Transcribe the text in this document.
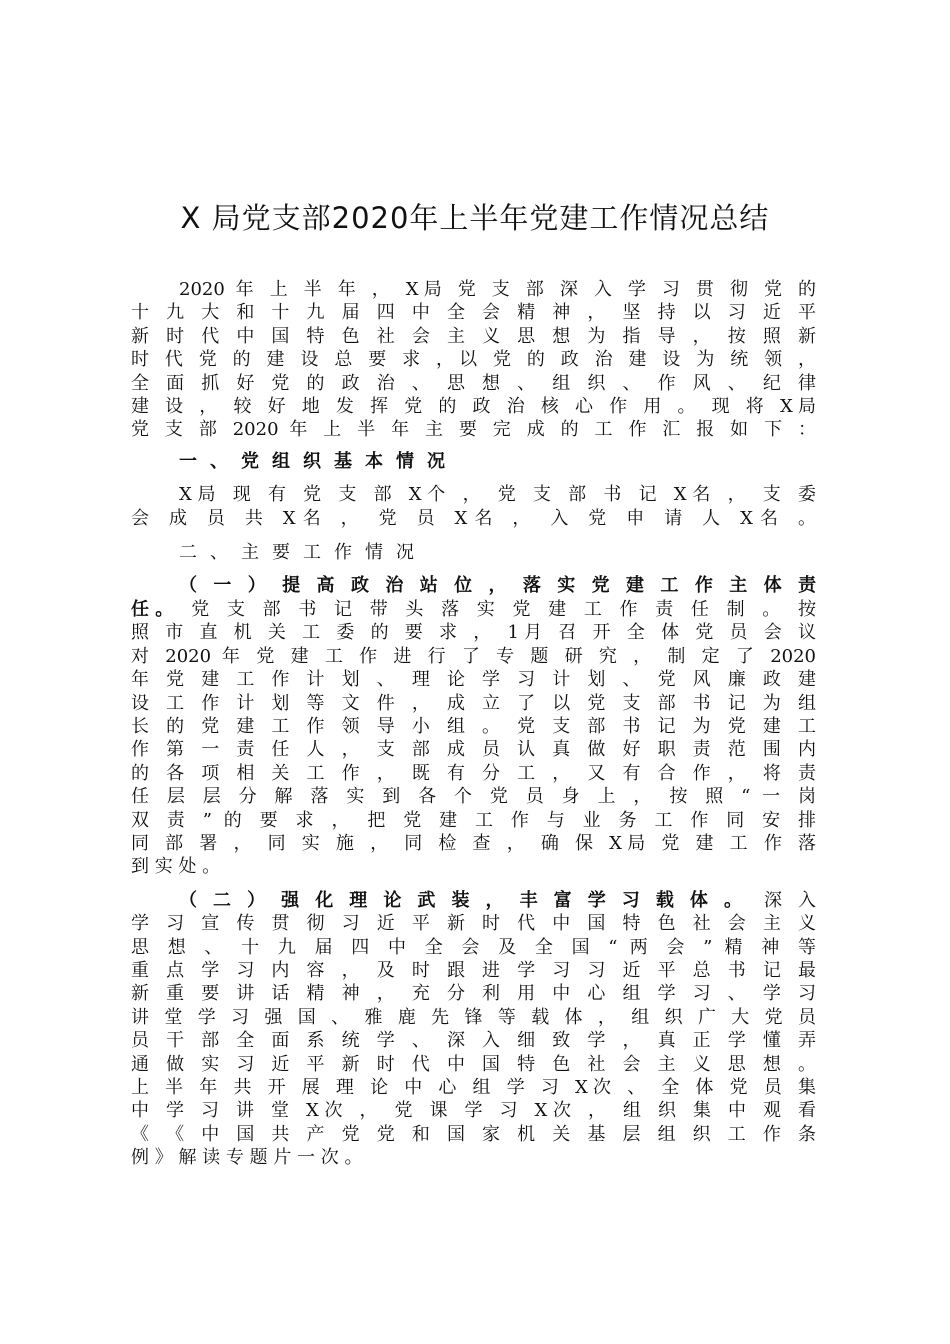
X 局党支部2020年上半年党建工作情况总结
2020 年 上 半 年 ， X局 党 支 部 深 入 学 习 贯 彻 党 的
十 九 大 和 十 九 届 四 中 全 会 精 神 ， 坚 持 以 习 近 平
新 时 代 中 国 特 色 社 会 主 义 思 想 为 指 导 ， 按 照 新
时 代 党 的 建 设 总 要 求 ，以 党 的 政 治 建 设 为 统 领 ，
全 面 抓 好 党 的 政 治 、 思 想 、 组 织 、 作 风 、 纪 律
建 设 ， 较 好 地 发 挥 党 的 政 治 核 心 作 用 。 现 将 X局
党 支 部 2020 年 上 半 年 主 要 完 成 的 工 作 汇 报 如 下 ：
一、党组织基本情况
X局 现 有 党 支 部 X个 ， 党 支 部 书 记 X名 ， 支 委
会 成 员 共 X名 ， 党 员 X名 ， 入 党 申 请 人 X名 。
二、主要工作情况
（ 一 ） 提 高 政 治 站 位 ， 落 实 党 建 工 作 主 体 责
任 。 党 支 部 书 记 带 头 落 实 党 建 工 作 责 任 制 。 按
照 市 直 机 关 工 委 的 要 求 ， 1月 召 开 全 体 党 员 会 议
对 2020 年 党 建 工 作 进 行 了 专 题 研 究 ， 制 定 了 2020
年 党 建 工 作 计 划 、 理 论 学 习 计 划 、 党 风 廉 政 建
设 工 作 计 划 等 文 件 ， 成 立 了 以 党 支 部 书 记 为 组
长 的 党 建 工 作 领 导 小 组 。 党 支 部 书 记 为 党 建 工
作 第 一 责 任 人 ， 支 部 成 员 认 真 做 好 职 责 范 围 内
的 各 项 相 关 工 作 ， 既 有 分 工 ， 又 有 合 作 ， 将 责
任 层 层 分 解 落 实 到 各 个 党 员 身 上 ， 按 照 “ 一 岗
双 责 ” 的 要 求 ， 把 党 建 工 作 与 业 务 工 作 同 安 排
同 部 署 ， 同 实 施 ， 同 检 查 ， 确 保 X局 党 建 工 作 落
到 实 处 。
（ 二 ） 强 化 理 论 武 装 ， 丰 富 学 习 载 体 。 深 入
学 习 宣 传 贯 彻 习 近 平 新 时 代 中 国 特 色 社 会 主 义
思 想 、 十 九 届 四 中 全 会 及 全 国 “ 两 会 ” 精 神 等
重 点 学 习 内 容 ， 及 时 跟 进 学 习 习 近 平 总 书 记 最
新 重 要 讲 话 精 神 ， 充 分 利 用 中 心 组 学 习 、 学 习
讲 堂 学 习 强 国 、 雅 鹿 先 锋 等 载 体 ， 组 织 广 大 党 员
员 干 部 全 面 系 统 学 、 深 入 细 致 学 ， 真 正 学 懂 弄
通 做 实 习 近 平 新 时 代 中 国 特 色 社 会 主 义 思 想 。
上 半 年 共 开 展 理 论 中 心 组 学 习 X次 、 全 体 党 员 集
中 学 习 讲 堂 X次 ， 党 课 学 习 X次 ， 组 织 集 中 观 看
《 《 中 国 共 产 党 党 和 国 家 机 关 基 层 组 织 工 作 条
例 》 解 读 专 题 片 一 次 。
